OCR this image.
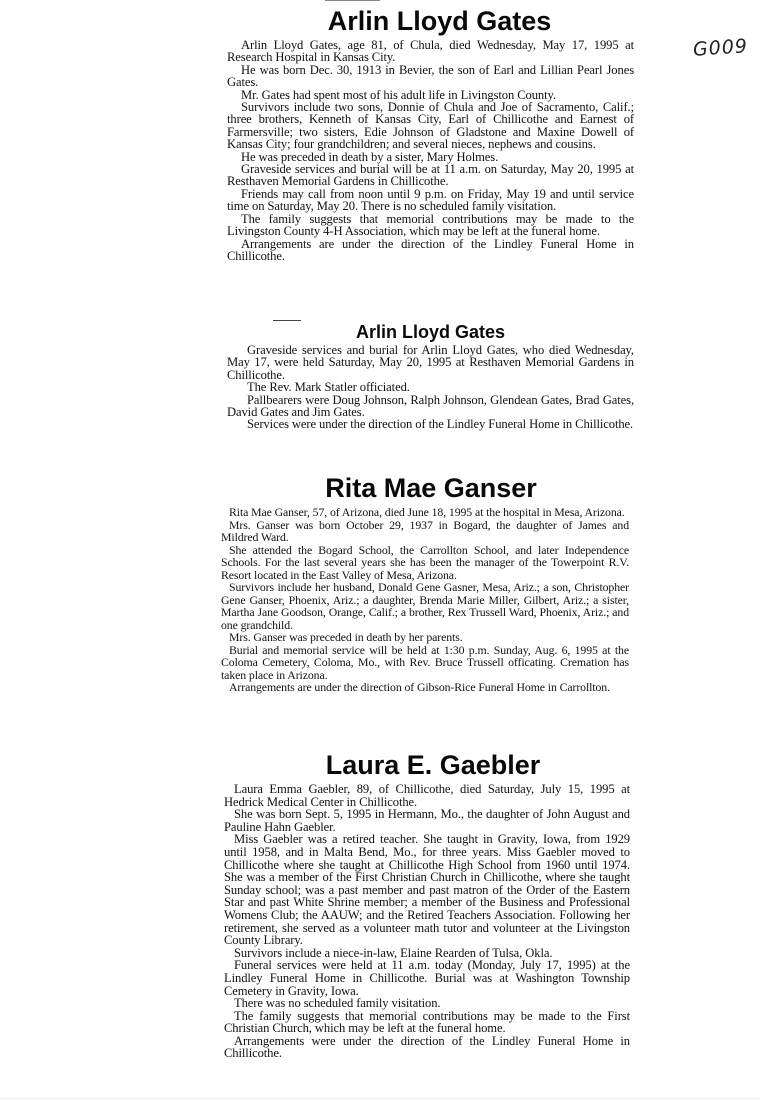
G009
Arlin Lloyd Gates

Arlin Lloyd Gates, age 81, of Chula, died Wednesday, May 17, 1995 at Research Hospital in Kansas City.

He was born Dec. 30, 1913 in Bevier, the son of Earl and Lillian Pearl Jones Gates.

Mr. Gates had spent most of his adult life in Livingston County.

Survivors include two sons, Donnie of Chula and Joe of Sacramento, Calif.; three brothers, Kenneth of Kansas City, Earl of Chillicothe and Earnest of Farmersville; two sisters, Edie Johnson of Gladstone and Maxine Dowell of Kansas City; four grandchildren; and several nieces, nephews and cousins.

He was preceded in death by a sister, Mary Holmes.

Graveside services and burial will be at 11 a.m. on Saturday, May 20, 1995 at Resthaven Memorial Gardens in Chillicothe.

Friends may call from noon until 9 p.m. on Friday, May 19 and until service time on Saturday, May 20. There is no scheduled family visitation.

The family suggests that memorial contributions may be made to the Livingston County 4-H Association, which may be left at the funeral home.

Arrangements are under the direction of the Lindley Funeral Home in Chillicothe.

Arlin Lloyd Gates

Graveside services and burial for Arlin Lloyd Gates, who died Wednesday, May 17, were held Saturday, May 20, 1995 at Resthaven Memorial Gardens in Chillicothe.

The Rev. Mark Statler officiated.

Pallbearers were Doug Johnson, Ralph Johnson, Glendean Gates, Brad Gates, David Gates and Jim Gates.

Services were under the direction of the Lindley Funeral Home in Chillicothe.

Rita Mae Ganser

Rita Mae Ganser, 57, of Arizona, died June 18, 1995 at the hospital in Mesa, Arizona.

Mrs. Ganser was born October 29, 1937 in Bogard, the daughter of James and Mildred Ward.

She attended the Bogard School, the Carrollton School, and later Independence Schools. For the last several years she has been the manager of the Towerpoint R.V. Resort located in the East Valley of Mesa, Arizona.

Survivors include her husband, Donald Gene Gasner, Mesa, Ariz.; a son, Christopher Gene Ganser, Phoenix, Ariz.; a daughter, Brenda Marie Miller, Gilbert, Ariz.; a sister, Martha Jane Goodson, Orange, Calif.; a brother, Rex Trussell Ward, Phoenix, Ariz.; and one grandchild.

Mrs. Ganser was preceded in death by her parents.

Burial and memorial service will be held at 1:30 p.m. Sunday, Aug. 6, 1995 at the Coloma Cemetery, Coloma, Mo., with Rev. Bruce Trussell officating. Cremation has taken place in Arizona.

Arrangements are under the direction of Gibson-Rice Funeral Home in Carrollton.

Laura E. Gaebler

Laura Emma Gaebler, 89, of Chillicothe, died Saturday, July 15, 1995 at Hedrick Medical Center in Chillicothe.

She was born Sept. 5, 1995 in Hermann, Mo., the daughter of John August and Pauline Hahn Gaebler.

Miss Gaebler was a retired teacher. She taught in Gravity, Iowa, from 1929 until 1958, and in Malta Bend, Mo., for three years. Miss Gaebler moved to Chillicothe where she taught at Chillicothe High School from 1960 until 1974. She was a member of the First Christian Church in Chillicothe, where she taught Sunday school; was a past member and past matron of the Order of the Eastern Star and past White Shrine member; a member of the Business and Professional Womens Club; the AAUW; and the Retired Teachers Association. Following her retirement, she served as a volunteer math tutor and volunteer at the Livingston County Library.

Survivors include a niece-in-law, Elaine Rearden of Tulsa, Okla.

Funeral services were held at 11 a.m. today (Monday, July 17, 1995) at the Lindley Funeral Home in Chillicothe. Burial was at Washington Township Cemetery in Gravity, Iowa.

There was no scheduled family visitation.

The family suggests that memorial contributions may be made to the First Christian Church, which may be left at the funeral home.

Arrangements were under the direction of the Lindley Funeral Home in Chillicothe.
